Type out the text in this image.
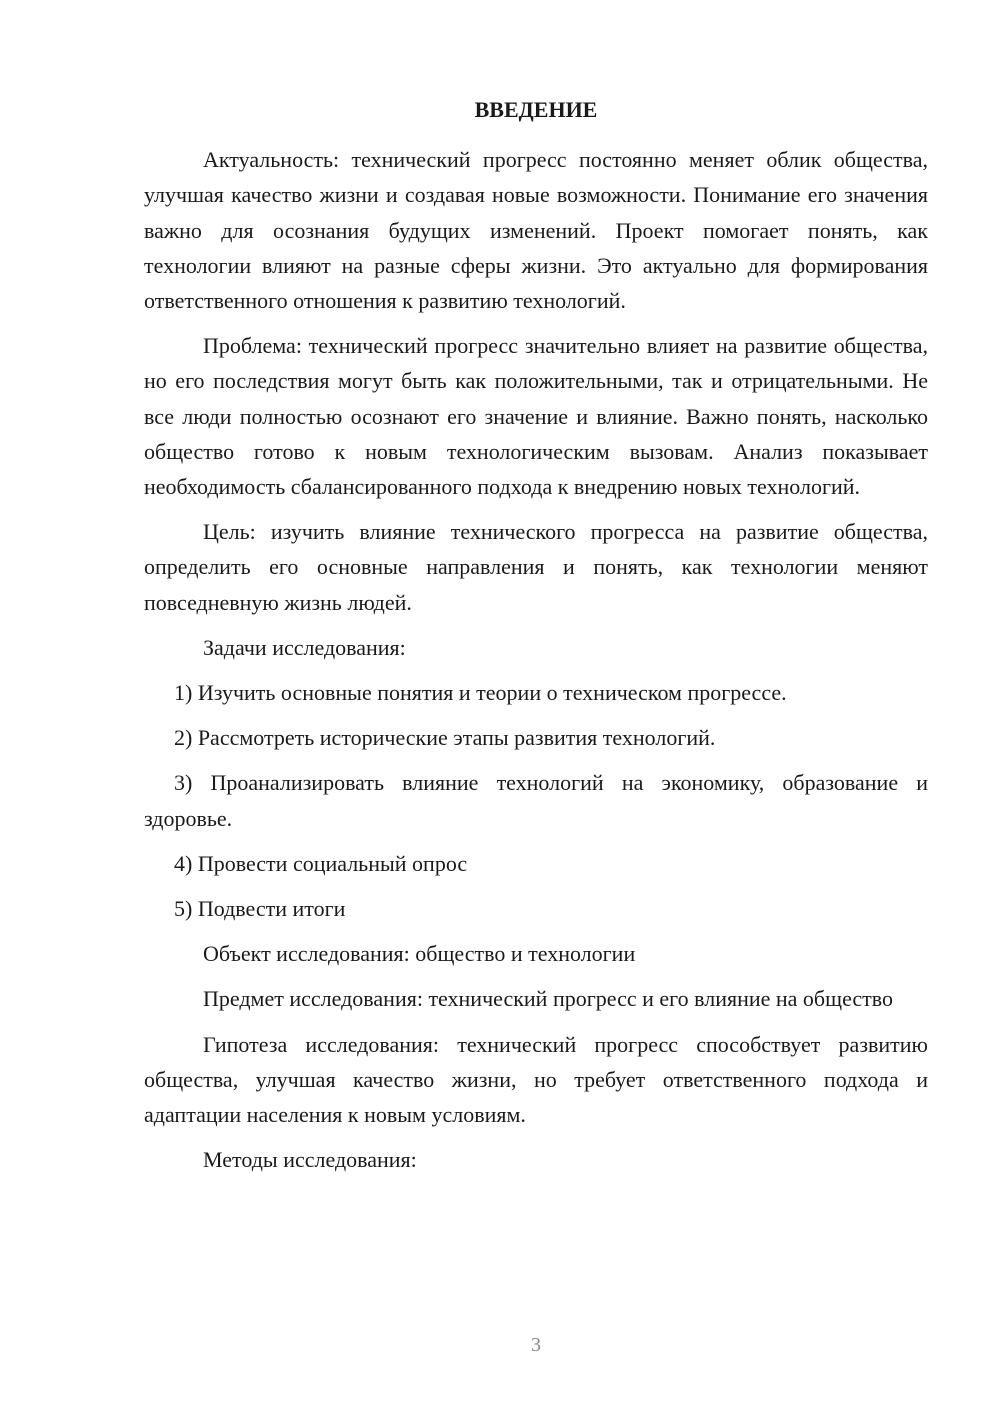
ВВЕДЕНИЕ

Актуальность: технический прогресс постоянно меняет облик общества, улучшая качество жизни и создавая новые возможности. Понимание его значения важно для осознания будущих изменений. Проект помогает понять, как технологии влияют на разные сферы жизни. Это актуально для формирования ответственного отношения к развитию технологий.

Проблема: технический прогресс значительно влияет на развитие общества, но его последствия могут быть как положительными, так и отрицательными. Не все люди полностью осознают его значение и влияние. Важно понять, насколько общество готово к новым технологическим вызовам. Анализ показывает необходимость сбалансированного подхода к внедрению новых технологий.

Цель: изучить влияние технического прогресса на развитие общества, определить его основные направления и понять, как технологии меняют повседневную жизнь людей.

Задачи исследования:

1) Изучить основные понятия и теории о техническом прогрессе.

2) Рассмотреть исторические этапы развития технологий.

3) Проанализировать влияние технологий на экономику, образование и здоровье.

4) Провести социальный опрос

5) Подвести итоги

Объект исследования: общество и технологии

Предмет исследования: технический прогресс и его влияние на общество

Гипотеза исследования: технический прогресс способствует развитию общества, улучшая качество жизни, но требует ответственного подхода и адаптации населения к новым условиям.

Методы исследования:

3
